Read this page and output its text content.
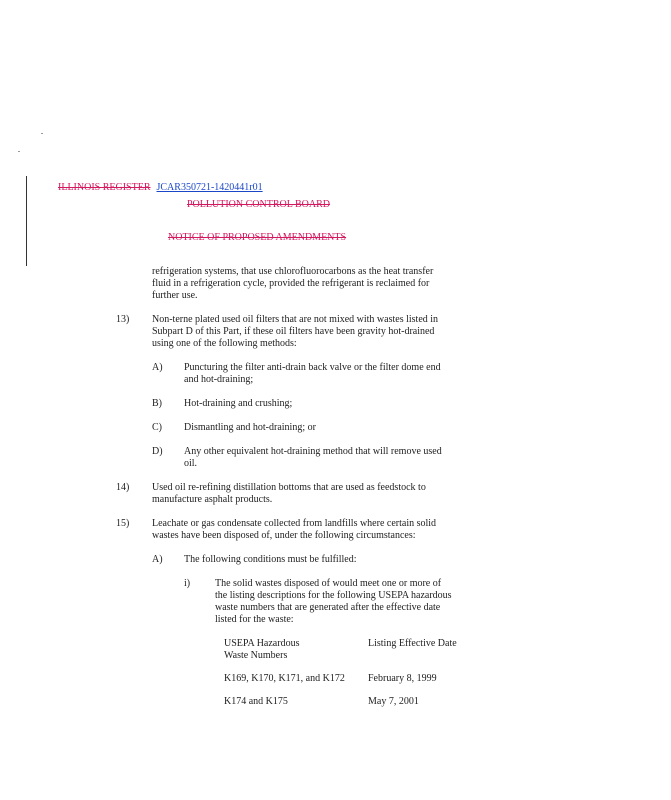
ILLINOIS REGISTER JCAR350721-1420441r01
POLLUTION CONTROL BOARD
NOTICE OF PROPOSED AMENDMENTS
refrigeration systems, that use chlorofluorocarbons as the heat transfer
fluid in a refrigeration cycle, provided the refrigerant is reclaimed for
further use.
13) Non-terne plated used oil filters that are not mixed with wastes listed in
Subpart D of this Part, if these oil filters have been gravity hot-drained
using one of the following methods:
A) Puncturing the filter anti-drain back valve or the filter dome end
and hot-draining;
B) Hot-draining and crushing;
C) Dismantling and hot-draining; or
D) Any other equivalent hot-draining method that will remove used
oil.
14) Used oil re-refining distillation bottoms that are used as feedstock to
manufacture asphalt products.
15) Leachate or gas condensate collected from landfills where certain solid
wastes have been disposed of, under the following circumstances:
A) The following conditions must be fulfilled:
i) The solid wastes disposed of would meet one or more of
the listing descriptions for the following USEPA hazardous
waste numbers that are generated after the effective date
listed for the waste:
USEPA Hazardous
Waste Numbers
Listing Effective Date
K169, K170, K171, and K172 February 8, 1999
K174 and K175	May 7, 2001
